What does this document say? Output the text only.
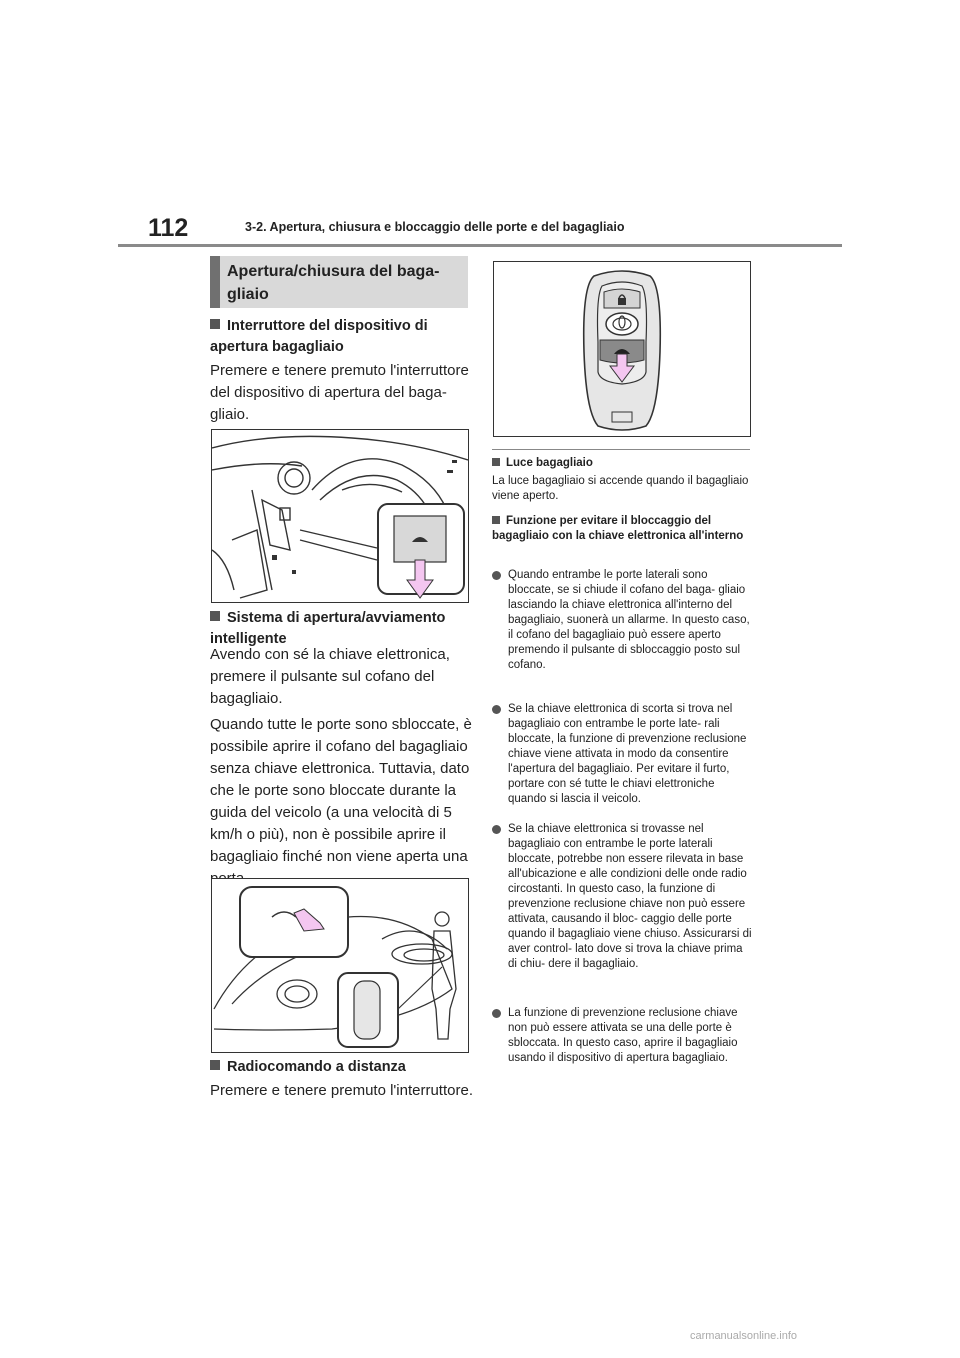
112	3-2. Apertura, chiusura e bloccaggio delle porte e del bagagliaio
Apertura/chiusura del baga- gliaio
Interruttore del dispositivo di apertura bagagliaio
Premere e tenere premuto l'interruttore del dispositivo di apertura del baga- gliaio.
Sistema di apertura/avviamento intelligente
Avendo con sé la chiave elettronica, premere il pulsante sul cofano del bagagliaio.
Quando tutte le porte sono sbloccate, è possibile aprire il cofano del bagagliaio senza chiave elettronica. Tuttavia, dato che le porte sono bloccate durante la guida del veicolo (a una velocità di 5 km/h o più), non è possibile aprire il bagagliaio finché non viene aperta una
Radiocomando a distanza
Premere e tenere premuto l'interruttore.
Luce bagagliaio
La luce bagagliaio si accende quando il bagagliaio viene aperto.
Funzione per evitare il bloccaggio del bagagliaio con la chiave elettronica all'interno
Quando entrambe le porte laterali sono bloccate, se si chiude il cofano del baga- gliaio lasciando la chiave elettronica all'interno del bagagliaio, suonerà un allarme. In questo caso, il cofano del bagagliaio può essere aperto premendo il pulsante di sbloccaggio posto sul cofano.
Se la chiave elettronica di scorta si trova nel bagagliaio con entrambe le porte late- rali bloccate, la funzione di prevenzione reclusione chiave viene attivata in modo da consentire l'apertura del bagagliaio. Per evitare il furto, portare con sé tutte le chiavi elettroniche quando si lascia il veicolo.
Se la chiave elettronica si trovasse nel bagagliaio con entrambe le porte laterali bloccate, potrebbe non essere rilevata in base all'ubicazione e alle condizioni delle onde radio circostanti. In questo caso, la funzione di prevenzione reclusione chiave non può essere attivata, causando il bloc- caggio delle porte quando il bagagliaio viene chiuso. Assicurarsi di aver control- lato dove si trova la chiave prima di chiu- dere il bagagliaio.
La funzione di prevenzione reclusione chiave non può essere attivata se una delle porte è sbloccata. In questo caso, aprire il bagagliaio usando il dispositivo di apertura bagagliaio.
carmanualsonline.info
